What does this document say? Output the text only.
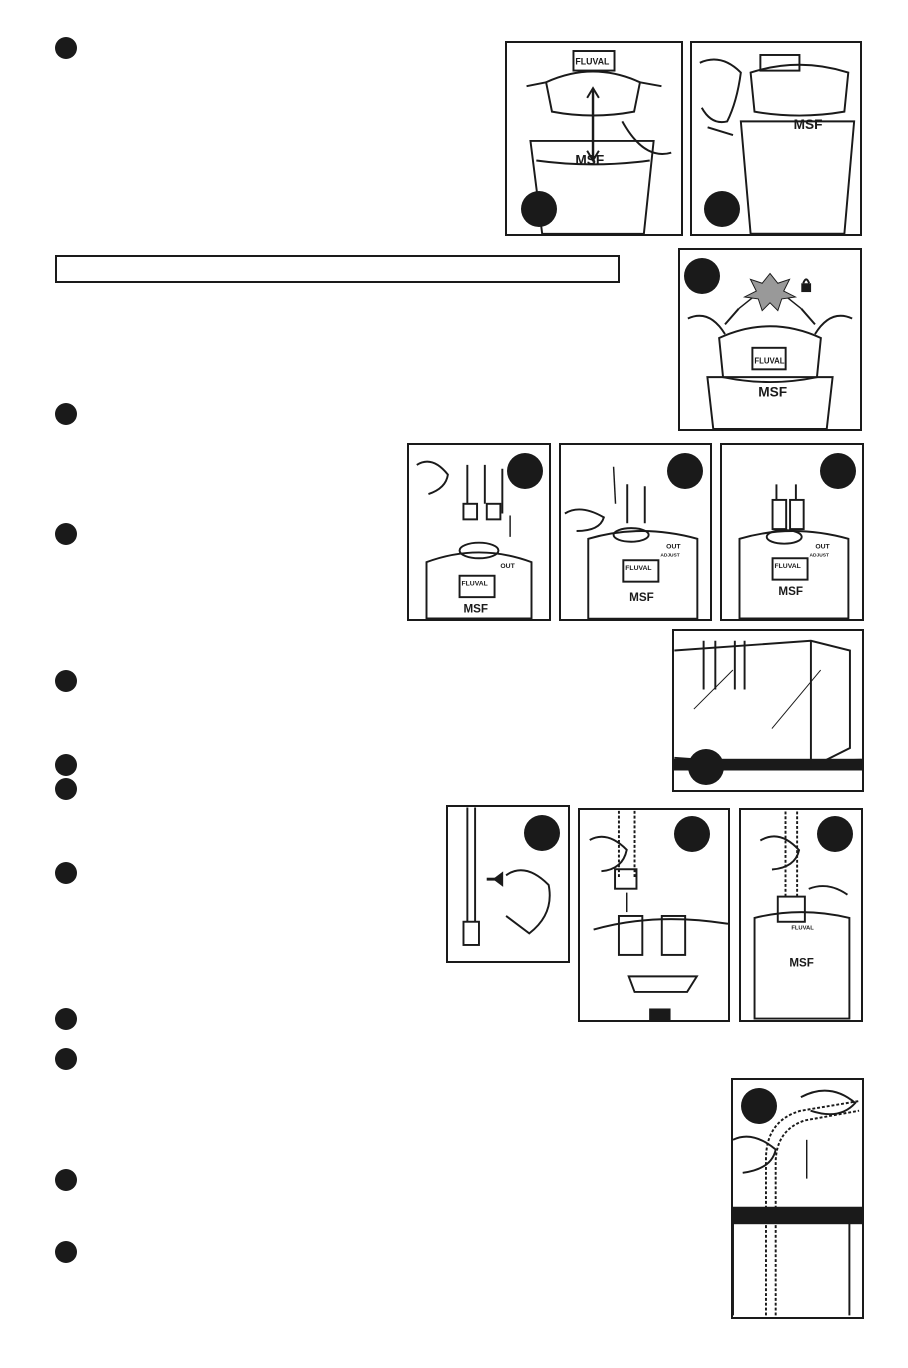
FLUVAL
MSF
MSF
FLUVAL
MSF
OUT
FLUVAL
MSF
OUT
ADJUST
FLUVAL
MSF
OUT
ADJUST
FLUVAL
MSF
FLUVAL
MSF
